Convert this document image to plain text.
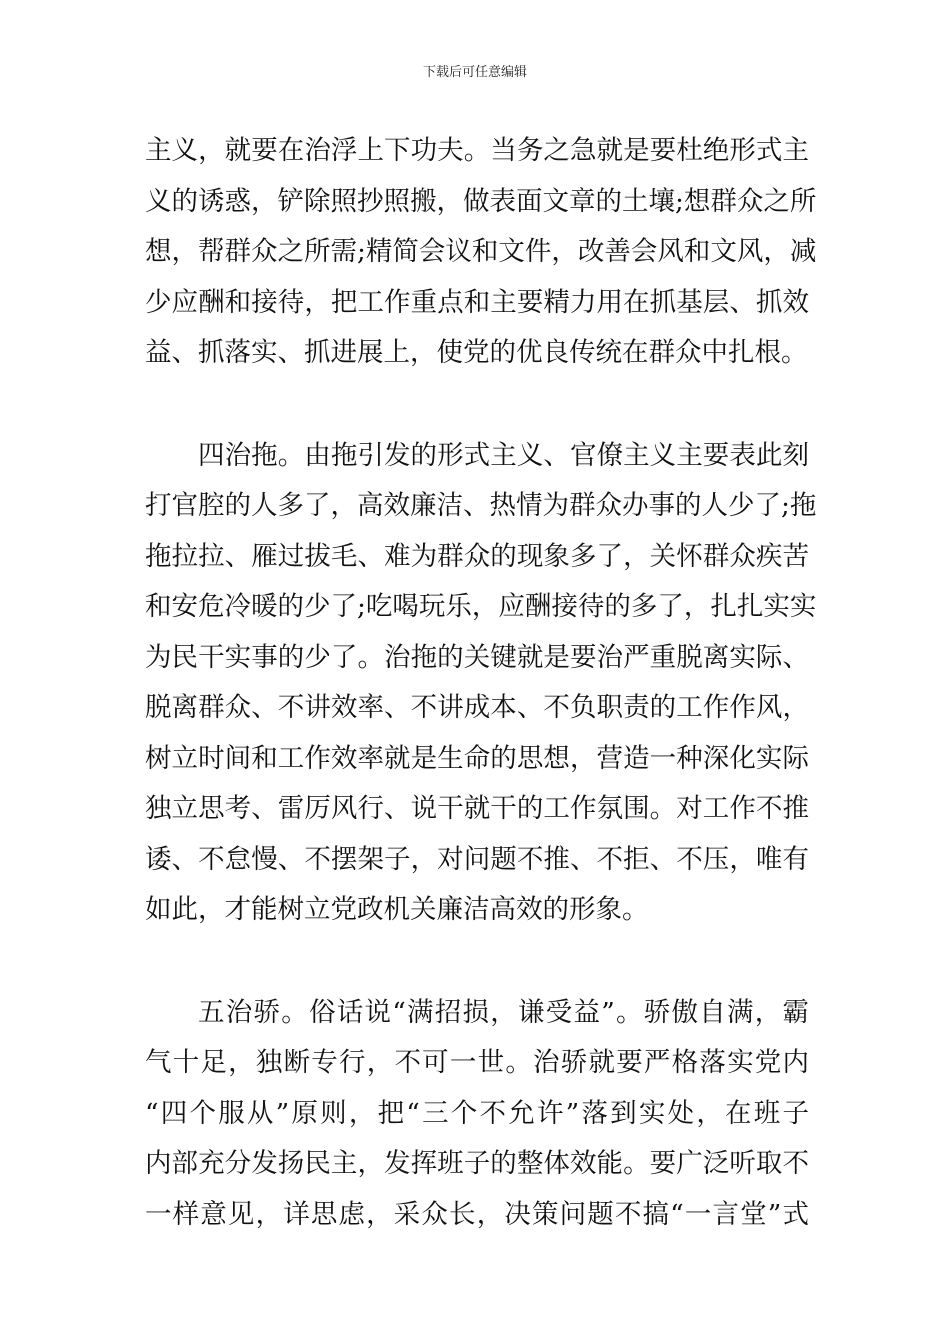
下载后可任意编辑
主义，就要在治浮上下功夫。当务之急就是要杜绝形式主
义的诱惑，铲除照抄照搬，做表面文章的土壤;想群众之所
想，帮群众之所需;精简会议和文件，改善会风和文风，减
少应酬和接待，把工作重点和主要精力用在抓基层、抓效
益、抓落实、抓进展上，使党的优良传统在群众中扎根。
四治拖。由拖引发的形式主义、官僚主义主要表此刻
打官腔的人多了，高效廉洁、热情为群众办事的人少了;拖
拖拉拉、雁过拔毛、难为群众的现象多了，关怀群众疾苦
和安危冷暖的少了;吃喝玩乐，应酬接待的多了，扎扎实实
为民干实事的少了。治拖的关键就是要治严重脱离实际、
脱离群众、不讲效率、不讲成本、不负职责的工作作风，
树立时间和工作效率就是生命的思想，营造一种深化实际
独立思考、雷厉风行、说干就干的工作氛围。对工作不推
诿、不怠慢、不摆架子，对问题不推、不拒、不压，唯有
如此，才能树立党政机关廉洁高效的形象。
五治骄。俗话说“满招损，谦受益”。骄傲自满，霸
气十足，独断专行，不可一世。治骄就要严格落实党内
“四个服从”原则，把“三个不允许”落到实处，在班子
内部充分发扬民主，发挥班子的整体效能。要广泛听取不
一样意见，详思虑，采众长，决策问题不搞“一言堂”式
